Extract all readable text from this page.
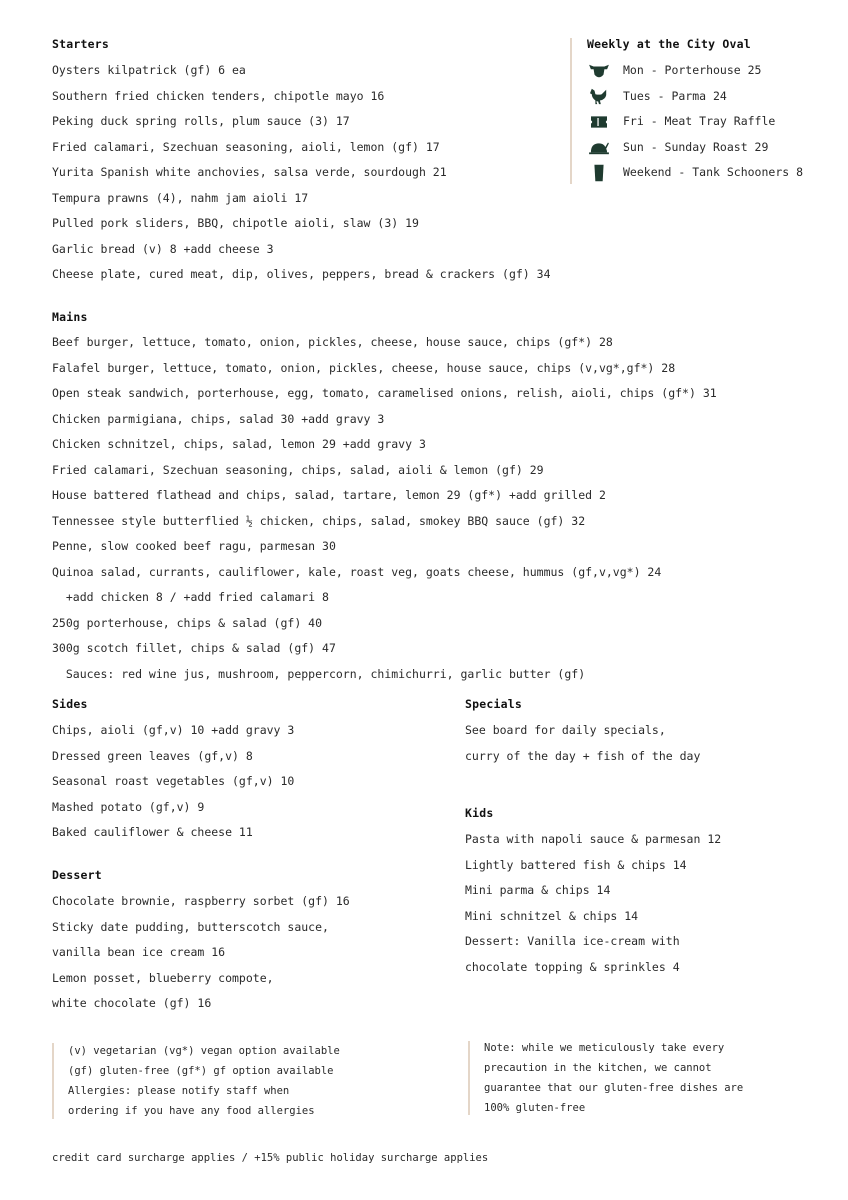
Starters
Oysters kilpatrick (gf) 6 ea
Southern fried chicken tenders, chipotle mayo 16
Peking duck spring rolls, plum sauce (3) 17
Fried calamari, Szechuan seasoning, aioli, lemon (gf) 17
Yurita Spanish white anchovies, salsa verde, sourdough 21
Tempura prawns (4), nahm jam aioli 17
Pulled pork sliders, BBQ, chipotle aioli, slaw (3) 19
Garlic bread (v) 8 +add cheese 3
Cheese plate, cured meat, dip, olives, peppers, bread & crackers (gf) 34
Weekly at the City Oval
Mon - Porterhouse 25
Tues - Parma 24
Fri - Meat Tray Raffle
Sun - Sunday Roast 29
Weekend - Tank Schooners 8
Mains
Beef burger, lettuce, tomato, onion, pickles, cheese, house sauce, chips (gf*) 28
Falafel burger, lettuce, tomato, onion, pickles, cheese, house sauce, chips (v,vg*,gf*) 28
Open steak sandwich, porterhouse, egg, tomato, caramelised onions, relish, aioli, chips (gf*) 31
Chicken parmigiana, chips, salad 30 +add gravy 3
Chicken schnitzel, chips, salad, lemon 29 +add gravy 3
Fried calamari, Szechuan seasoning, chips, salad, aioli & lemon (gf) 29
House battered flathead and chips, salad, tartare, lemon 29 (gf*) +add grilled 2
Tennessee style butterflied ½ chicken, chips, salad, smokey BBQ sauce (gf) 32
Penne, slow cooked beef ragu, parmesan 30
Quinoa salad, currants, cauliflower, kale, roast veg, goats cheese, hummus (gf,v,vg*) 24
+add chicken 8 / +add fried calamari 8
250g porterhouse, chips & salad (gf) 40
300g scotch fillet, chips & salad (gf) 47
Sauces: red wine jus, mushroom, peppercorn, chimichurri, garlic butter (gf)
Sides
Chips, aioli (gf,v) 10 +add gravy 3
Dressed green leaves (gf,v) 8
Seasonal roast vegetables (gf,v) 10
Mashed potato (gf,v) 9
Baked cauliflower & cheese 11
Specials
See board for daily specials,
curry of the day + fish of the day
Dessert
Chocolate brownie, raspberry sorbet (gf) 16
Sticky date pudding, butterscotch sauce,
vanilla bean ice cream 16
Lemon posset, blueberry compote,
white chocolate (gf) 16
Kids
Pasta with napoli sauce & parmesan 12
Lightly battered fish & chips 14
Mini parma & chips 14
Mini schnitzel & chips 14
Dessert: Vanilla ice-cream with
chocolate topping & sprinkles 4
(v) vegetarian (vg*) vegan option available
(gf) gluten-free (gf*) gf option available
Allergies: please notify staff when
ordering if you have any food allergies
Note: while we meticulously take every
precaution in the kitchen, we cannot
guarantee that our gluten-free dishes are
100% gluten-free
credit card surcharge applies / +15% public holiday surcharge applies
